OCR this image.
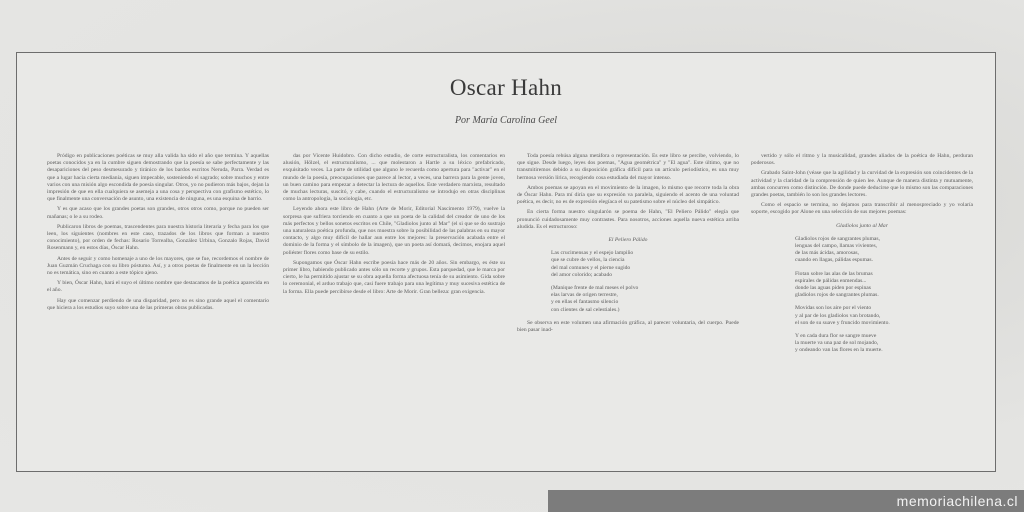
Oscar Hahn
Por María Carolina Geel

Pródigo en publicaciones poéticas se muy alla valida ha sido el año que termina. Y aquellas poetas conocidos ya en la cumbre siguen demostrando que la poesía se sabe perfectamente y las desapariciones del peso desmesurado y tiránico de los bardos escritos Neruda, Parra. Verdad es que a lugar hacia cierta medianía, siguen impecable, sosteniendo el sagrado; sobre muchos y entre varios con una misión algo escondida de poesía singular. Otros, yo no pudieron más bajos, dejan la impresión de que en ella cualquiera se asemeja a una cosa y perspectiva con grafismo estético, lo que finalmente una conversación de asunto, una existencia de ninguna, es una esquina de barrio.

Y es que acaso que los grandes poetas son grandes, otros otros como, porque no pueden ser mañanas; o le a su rodeo.

Publicaron libros de poemas, trascendentes para nuestra historia literaria y fecha para los que leen, los siguientes (nombres en este caso, trazados de los libros que forman a nuestro conocimiento), por orden de fechas: Rosario Torrealba, González Urbina, Gonzalo Rojas, David Rosenmann y, en estos días, Óscar Hahn.

Antes de seguir y como homenaje a uno de los mayores, que se fue, recordemos el nombre de Juan Guzmán Cruchaga con su libro póstumo. Así, y a otros poetas de finalmente en un la lección no es temática, sino en cuanto a este tópico ajeno.

Y bien, Óscar Hahn, hará el suyo el último nombre que destacamos de la poética aparecida en el año.

Hay que comenzar perdiendo de una disparidad, pero no es sino grande aquel el comentario que hiciera a los estudios suyo sobre una de las primeras obras publicadas.

das por Vicente Huidobro. Con dicho estudio, de corte estructuralista, los comentarios en alusión, Hölzel, el estructuralismo, ... que molestaron a Hartle a su léxico prefabricado, exquisitado veces. La parte de utilidad que alguno le recuerda como apertura para "activar" en el mundo de la poesía, preocupaciones que parece al lector, a veces, una barrera para la gente joven, un buen camino para empezar a detectar la lectura de aquellos. Este verdadero marxista, resultado de muchas lecturas, suscitó, y cabe, cuando el estructuralismo se introdujo en otras disciplinas como la antropología, la sociología, etc.

Leyendo ahora este libro de Hahn (Arte de Morir, Editorial Nascimento 1979), vuelve la sorpresa que sufriera torciendo en cuanto a que un poeta de la calidad del creador de uno de los más perfectos y bellos sonetos escritos en Chile, "Gladiolos junto al Mar" (el si que se do sustrajo una naturaleza poética profunda, que nos muestra sobre la posibilidad de las palabras en su mayor contacto, y algo muy difícil de hallar aun entre los mejores: la preservación acabada entre el dominio de la forma y el símbolo de la imagen), que un poeta así domará, decimos, enojara aquel poliéster flores como base de su estilo.

Supongamos que Óscar Hahn escribe poesía hace más de 20 años. Sin embargo, es éste su primer libro, habiendo publicado antes sólo un recorte y grupos. Esta parquedad, que le marca por cierto, le ha permitido ajustar se su obra aquella forma afectuosa tenía de su asimiento. Gida sobre lo ceremonial, el arduo trabajo que, casi fuere trabajo para una legítima y muy sucesiva estética de la forma. Ella puede percibirse desde el libro: Arte de Morir. Gran belleza: gran exigencia.

Toda poesía rehúsa alguna metáfora o representación. Es este libro se percibe, volviendo, lo que sigue. Desde luego, leyes dos poemas, "Agua geométrica" y "El agua". Este último, que no transmitiremos debido a su disposición gráfica difícil para un artículo periodístico, es una muy hermosa versión lírica, recogiendo cosa estudiada del mayor intenso.

Ambos poemas se apoyan en el movimiento de la imagen, lo mismo que recorre toda la obra de Óscar Hahn. Para mí diría que su expresión va paralela, siguiendo el acento de una voluntad poética, es decir, no es de expresión elegíaca el su patetismo sobre el núcleo del simpático.

En cierta forma nuestro singularón se poema de Hahn, "El Peliero Pálido" elegía que pronunció cuidadosamente muy contrastes. Para nosotros, acciones aquella nueva estética arriba aludida. Es el estructuroso:

El Peliero Pálido

Las crucimensas y el espejo lampiño
que se cubre de vellos, la ciencia
del mal comunes y el pierne sugido
del amor colorido; acabado

(Manique frente de mal meses el polvo
elas larvas de origen terrestre,
y en ellas el fantasmo silencio
con clientes de sal celestiales.)

Se observa en este volumen una afirmación gráfica, al parecer voluntaria, del cuerpo. Puede bien pasar inad-

vertido y sólo el ritmo y la musicalidad, grandes aliados de la poética de Hahn, perduran poderosos.

Grabado Saint-John (véase que la agilidad y la curvidad de la expresión son coincidentes de la actividad y la claridad de la comprensión de quien lee. Aunque de manera distinta y mutuamente, ambas concurren como distinción. De donde puede deducirse que lo mismo son las comparaciones grandes poetas, también lo son los grandes lectores.

Como el espacio se termina, no dejamos para transcribir al menospreciado y yo volaría soporte, escogido por Alone en una selección de sus mejores poemas:

Gladiolos junto al Mar

Gladiolos rojos de sangrantes plumas,
lenguas del campo, llamas vivientes,
de las más ácidas, amorosas,
cuando en llagas, pálidas espumas.

Flotan sobre las alas de las brumas
espirales de pálidas enmendas...
donde las aguas piden por espinas
gladiolos rojos de sangrantes plumas.

Movidas son los aire por el viento
y al par de los gladiolos van brotando,
el son de su suave y fruncido movimiento.

Y en cada dura flor se sangre mueve
la muerte va una paz de sol mojando,
y ondeando van las flores en la muerte.

memoriachilena.cl
